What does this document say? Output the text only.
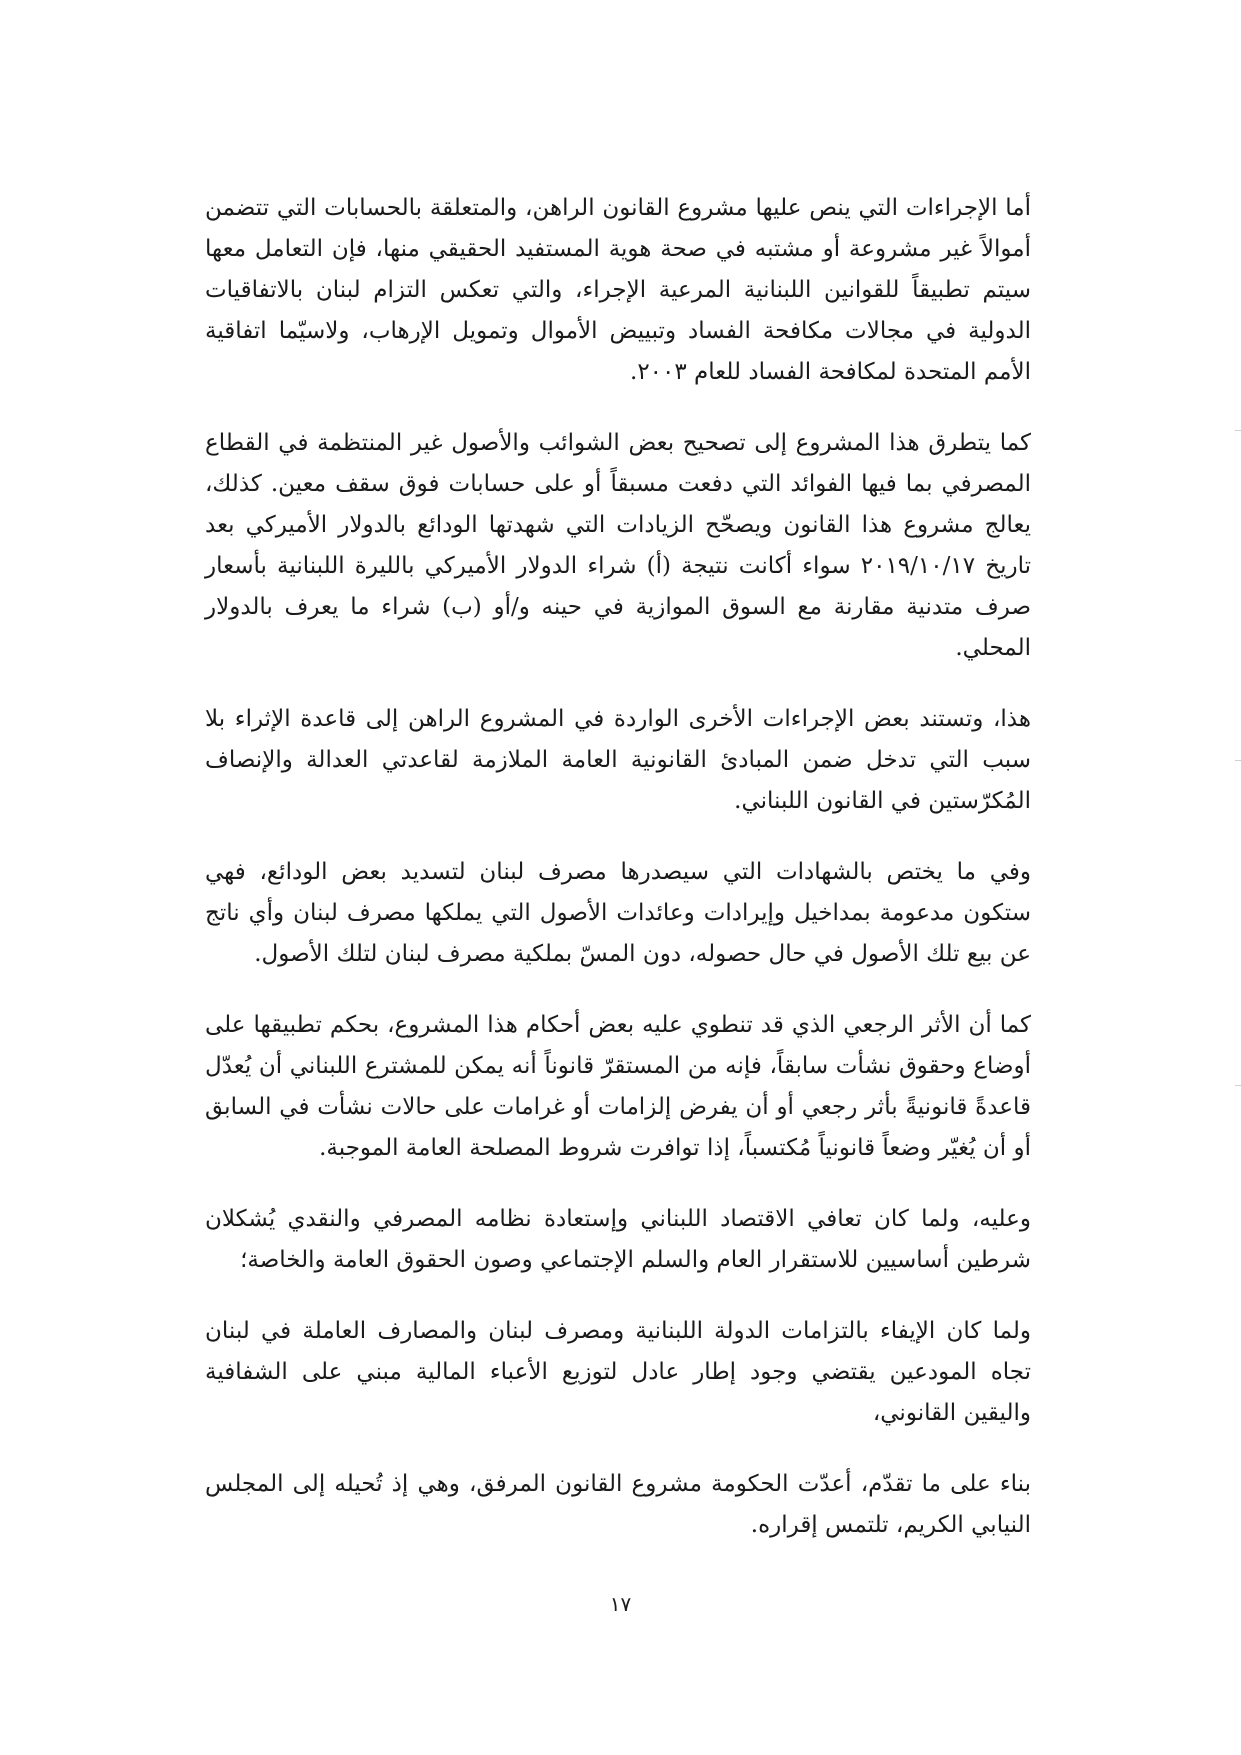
أما الإجراءات التي ينص عليها مشروع القانون الراهن، والمتعلقة بالحسابات التي تتضمن أموالاً غير مشروعة أو مشتبه في صحة هوية المستفيد الحقيقي منها، فإن التعامل معها سيتم تطبيقاً للقوانين اللبنانية المرعية الإجراء، والتي تعكس التزام لبنان بالاتفاقيات الدولية في مجالات مكافحة الفساد وتبييض الأموال وتمويل الإرهاب، ولاسيّما اتفاقية الأمم المتحدة لمكافحة الفساد للعام ٢٠٠٣.

كما يتطرق هذا المشروع إلى تصحيح بعض الشوائب والأصول غير المنتظمة في القطاع المصرفي بما فيها الفوائد التي دفعت مسبقاً أو على حسابات فوق سقف معين. كذلك، يعالج مشروع هذا القانون ويصحّح الزيادات التي شهدتها الودائع بالدولار الأميركي بعد تاريخ ٢٠١٩/١٠/١٧ سواء أكانت نتيجة (أ) شراء الدولار الأميركي بالليرة اللبنانية بأسعار صرف متدنية مقارنة مع السوق الموازية في حينه و/أو (ب) شراء ما يعرف بالدولار المحلي.

هذا، وتستند بعض الإجراءات الأخرى الواردة في المشروع الراهن إلى قاعدة الإثراء بلا سبب التي تدخل ضمن المبادئ القانونية العامة الملازمة لقاعدتي العدالة والإنصاف المُكرّستين في القانون اللبناني.

وفي ما يختص بالشهادات التي سيصدرها مصرف لبنان لتسديد بعض الودائع، فهي ستكون مدعومة بمداخيل وإيرادات وعائدات الأصول التي يملكها مصرف لبنان وأي ناتج عن بيع تلك الأصول في حال حصوله، دون المسّ بملكية مصرف لبنان لتلك الأصول.

كما أن الأثر الرجعي الذي قد تنطوي عليه بعض أحكام هذا المشروع، بحكم تطبيقها على أوضاع وحقوق نشأت سابقاً، فإنه من المستقرّ قانوناً أنه يمكن للمشترع اللبناني أن يُعدّل قاعدةً قانونيةً بأثر رجعي أو أن يفرض إلزامات أو غرامات على حالات نشأت في السابق أو أن يُغيّر وضعاً قانونياً مُكتسباً، إذا توافرت شروط المصلحة العامة الموجبة.

وعليه، ولما كان تعافي الاقتصاد اللبناني وإستعادة نظامه المصرفي والنقدي يُشكلان شرطين أساسيين للاستقرار العام والسلم الإجتماعي وصون الحقوق العامة والخاصة؛

ولما كان الإيفاء بالتزامات الدولة اللبنانية ومصرف لبنان والمصارف العاملة في لبنان تجاه المودعين يقتضي وجود إطار عادل لتوزيع الأعباء المالية مبني على الشفافية واليقين القانوني،

بناء على ما تقدّم، أعدّت الحكومة مشروع القانون المرفق، وهي إذ تُحيله إلى المجلس النيابي الكريم، تلتمس إقراره.

١٧
